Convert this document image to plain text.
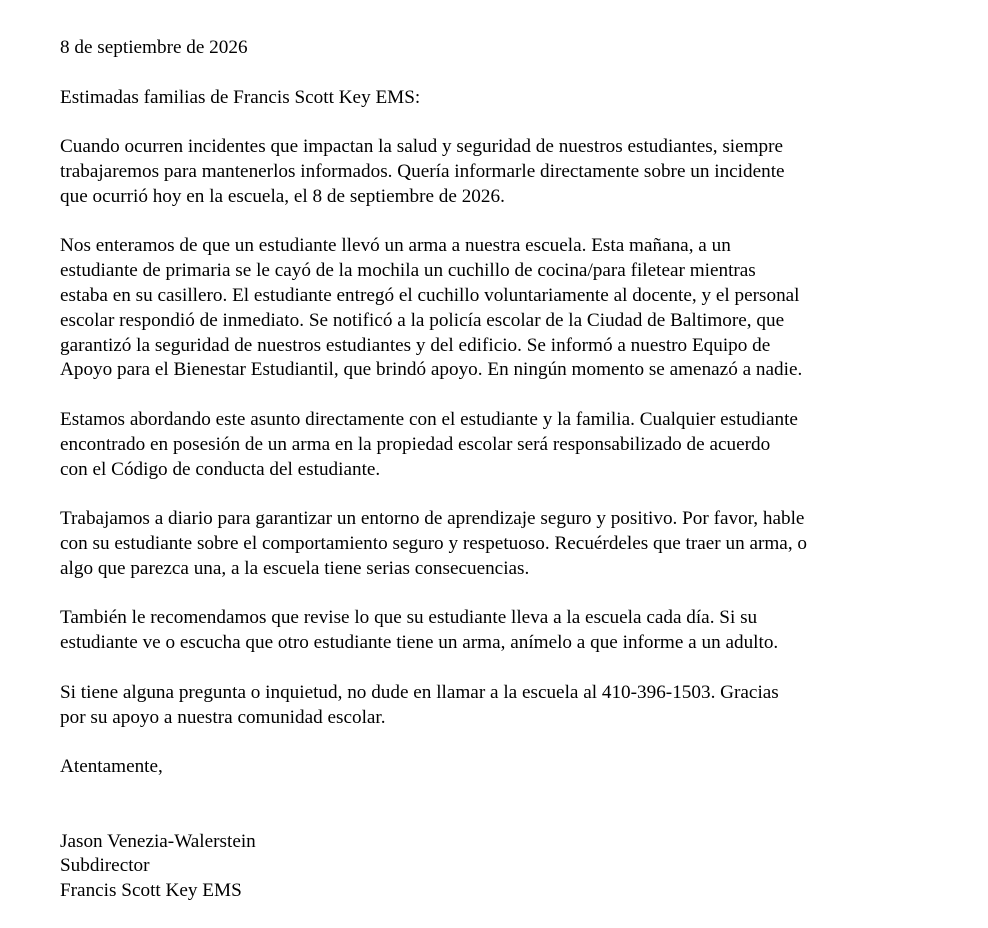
8 de septiembre de 2026

Estimadas familias de Francis Scott Key EMS:

Cuando ocurren incidentes que impactan la salud y seguridad de nuestros estudiantes, siempre
trabajaremos para mantenerlos informados. Quería informarle directamente sobre un incidente
que ocurrió hoy en la escuela, el 8 de septiembre de 2026.

Nos enteramos de que un estudiante llevó un arma a nuestra escuela. Esta mañana, a un
estudiante de primaria se le cayó de la mochila un cuchillo de cocina/para filetear mientras
estaba en su casillero. El estudiante entregó el cuchillo voluntariamente al docente, y el personal
escolar respondió de inmediato. Se notificó a la policía escolar de la Ciudad de Baltimore, que
garantizó la seguridad de nuestros estudiantes y del edificio. Se informó a nuestro Equipo de
Apoyo para el Bienestar Estudiantil, que brindó apoyo. En ningún momento se amenazó a nadie.

Estamos abordando este asunto directamente con el estudiante y la familia. Cualquier estudiante
encontrado en posesión de un arma en la propiedad escolar será responsabilizado de acuerdo
con el Código de conducta del estudiante.

Trabajamos a diario para garantizar un entorno de aprendizaje seguro y positivo. Por favor, hable
con su estudiante sobre el comportamiento seguro y respetuoso. Recuérdeles que traer un arma, o
algo que parezca una, a la escuela tiene serias consecuencias.

También le recomendamos que revise lo que su estudiante lleva a la escuela cada día. Si su
estudiante ve o escucha que otro estudiante tiene un arma, anímelo a que informe a un adulto.

Si tiene alguna pregunta o inquietud, no dude en llamar a la escuela al 410-396-1503. Gracias
por su apoyo a nuestra comunidad escolar.

Atentamente,

Jason Venezia-Walerstein
Subdirector
Francis Scott Key EMS
